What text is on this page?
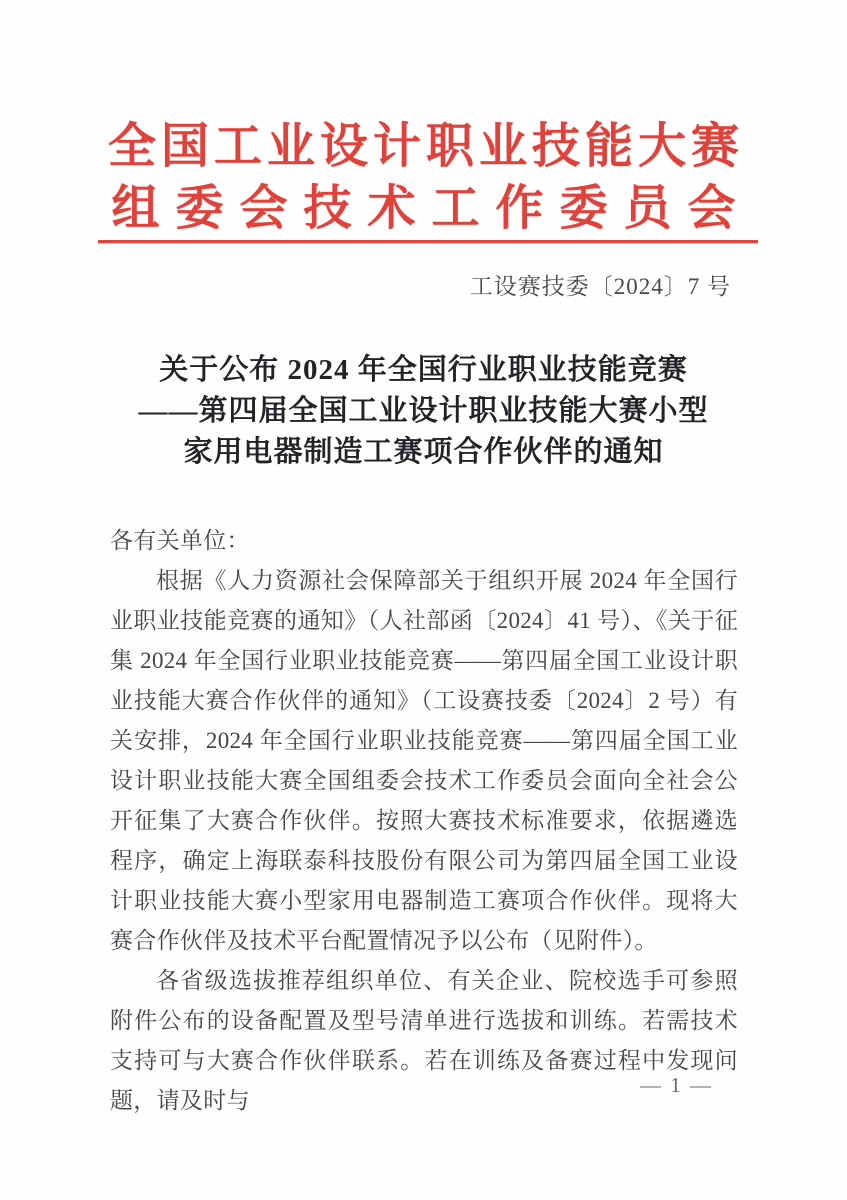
全国工业设计职业技能大赛
组委会技术工作委员会
工设赛技委〔2024〕7 号
关于公布 2024 年全国行业职业技能竞赛
——第四届全国工业设计职业技能大赛小型
家用电器制造工赛项合作伙伴的通知

各有关单位：

根据《人力资源社会保障部关于组织开展 2024 年全国行业职业技能竞赛的通知》（人社部函〔2024〕41 号）、《关于征集 2024 年全国行业职业技能竞赛——第四届全国工业设计职业技能大赛合作伙伴的通知》（工设赛技委〔2024〕2 号）有关安排，2024 年全国行业职业技能竞赛——第四届全国工业设计职业技能大赛全国组委会技术工作委员会面向全社会公开征集了大赛合作伙伴。按照大赛技术标准要求，依据遴选程序，确定上海联泰科技股份有限公司为第四届全国工业设计职业技能大赛小型家用电器制造工赛项合作伙伴。现将大赛合作伙伴及技术平台配置情况予以公布（见附件）。

各省级选拔推荐组织单位、有关企业、院校选手可参照附件公布的设备配置及型号清单进行选拔和训练。若需技术支持可与大赛合作伙伴联系。若在训练及备赛过程中发现问题，请及时与

— 1 —
